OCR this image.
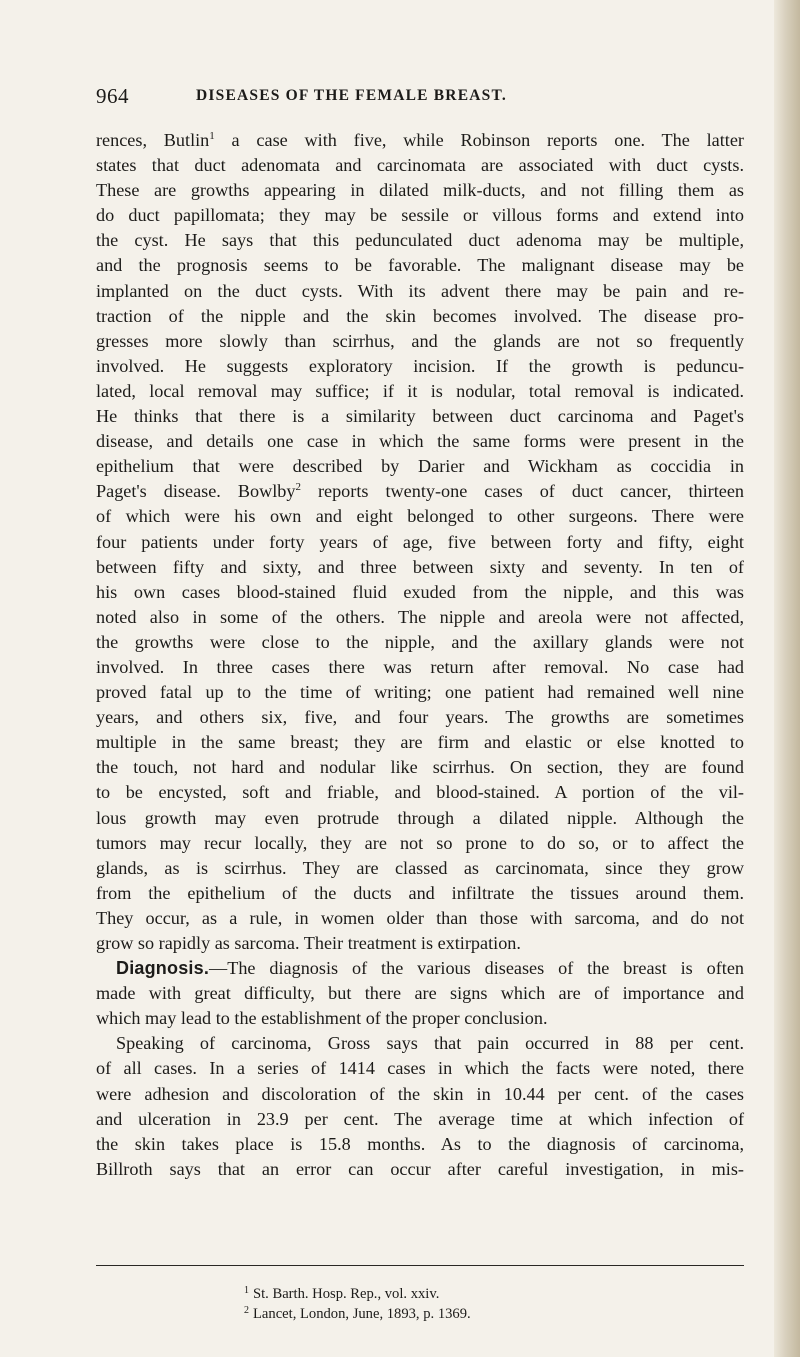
964	DISEASES OF THE FEMALE BREAST.
rences, Butlin$^1$ a case with five, while Robinson reports one. The latter
states that duct adenomata and carcinomata are associated with duct cysts.
These are growths appearing in dilated milk-ducts, and not filling them as
do duct papillomata; they may be sessile or villous forms and extend into
the cyst. He says that this pedunculated duct adenoma may be multiple,
and the prognosis seems to be favorable. The malignant disease may be
implanted on the duct cysts. With its advent there may be pain and re-
traction of the nipple and the skin becomes involved. The disease pro-
gresses more slowly than scirrhus, and the glands are not so frequently
involved. He suggests exploratory incision. If the growth is peduncu-
lated, local removal may suffice; if it is nodular, total removal is indicated.
He thinks that there is a similarity between duct carcinoma and Paget's
disease, and details one case in which the same forms were present in the
epithelium that were described by Darier and Wickham as coccidia in
Paget's disease. Bowlby$^2$ reports twenty-one cases of duct cancer, thirteen
of which were his own and eight belonged to other surgeons. There were
four patients under forty years of age, five between forty and fifty, eight
between fifty and sixty, and three between sixty and seventy. In ten of
his own cases blood-stained fluid exuded from the nipple, and this was
noted also in some of the others. The nipple and areola were not affected,
the growths were close to the nipple, and the axillary glands were not
involved. In three cases there was return after removal. No case had
proved fatal up to the time of writing; one patient had remained well nine
years, and others six, five, and four years. The growths are sometimes
multiple in the same breast; they are firm and elastic or else knotted to
the touch, not hard and nodular like scirrhus. On section, they are found
to be encysted, soft and friable, and blood-stained. A portion of the vil-
lous growth may even protrude through a dilated nipple. Although the
tumors may recur locally, they are not so prone to do so, or to affect the
glands, as is scirrhus. They are classed as carcinomata, since they grow
from the epithelium of the ducts and infiltrate the tissues around them.
They occur, as a rule, in women older than those with sarcoma, and do not
grow so rapidly as sarcoma. Their treatment is extirpation.
Diagnosis.—The diagnosis of the various diseases of the breast is often
made with great difficulty, but there are signs which are of importance and
which may lead to the establishment of the proper conclusion.
Speaking of carcinoma, Gross says that pain occurred in 88 per cent.
of all cases. In a series of 1414 cases in which the facts were noted, there
were adhesion and discoloration of the skin in 10.44 per cent. of the cases
and ulceration in 23.9 per cent. The average time at which infection of
the skin takes place is 15.8 months. As to the diagnosis of carcinoma,
Billroth says that an error can occur after careful investigation, in mis-
$^1$ St. Barth. Hosp. Rep., vol. xxiv.
$^2$ Lancet, London, June, 1893, p. 1369.
